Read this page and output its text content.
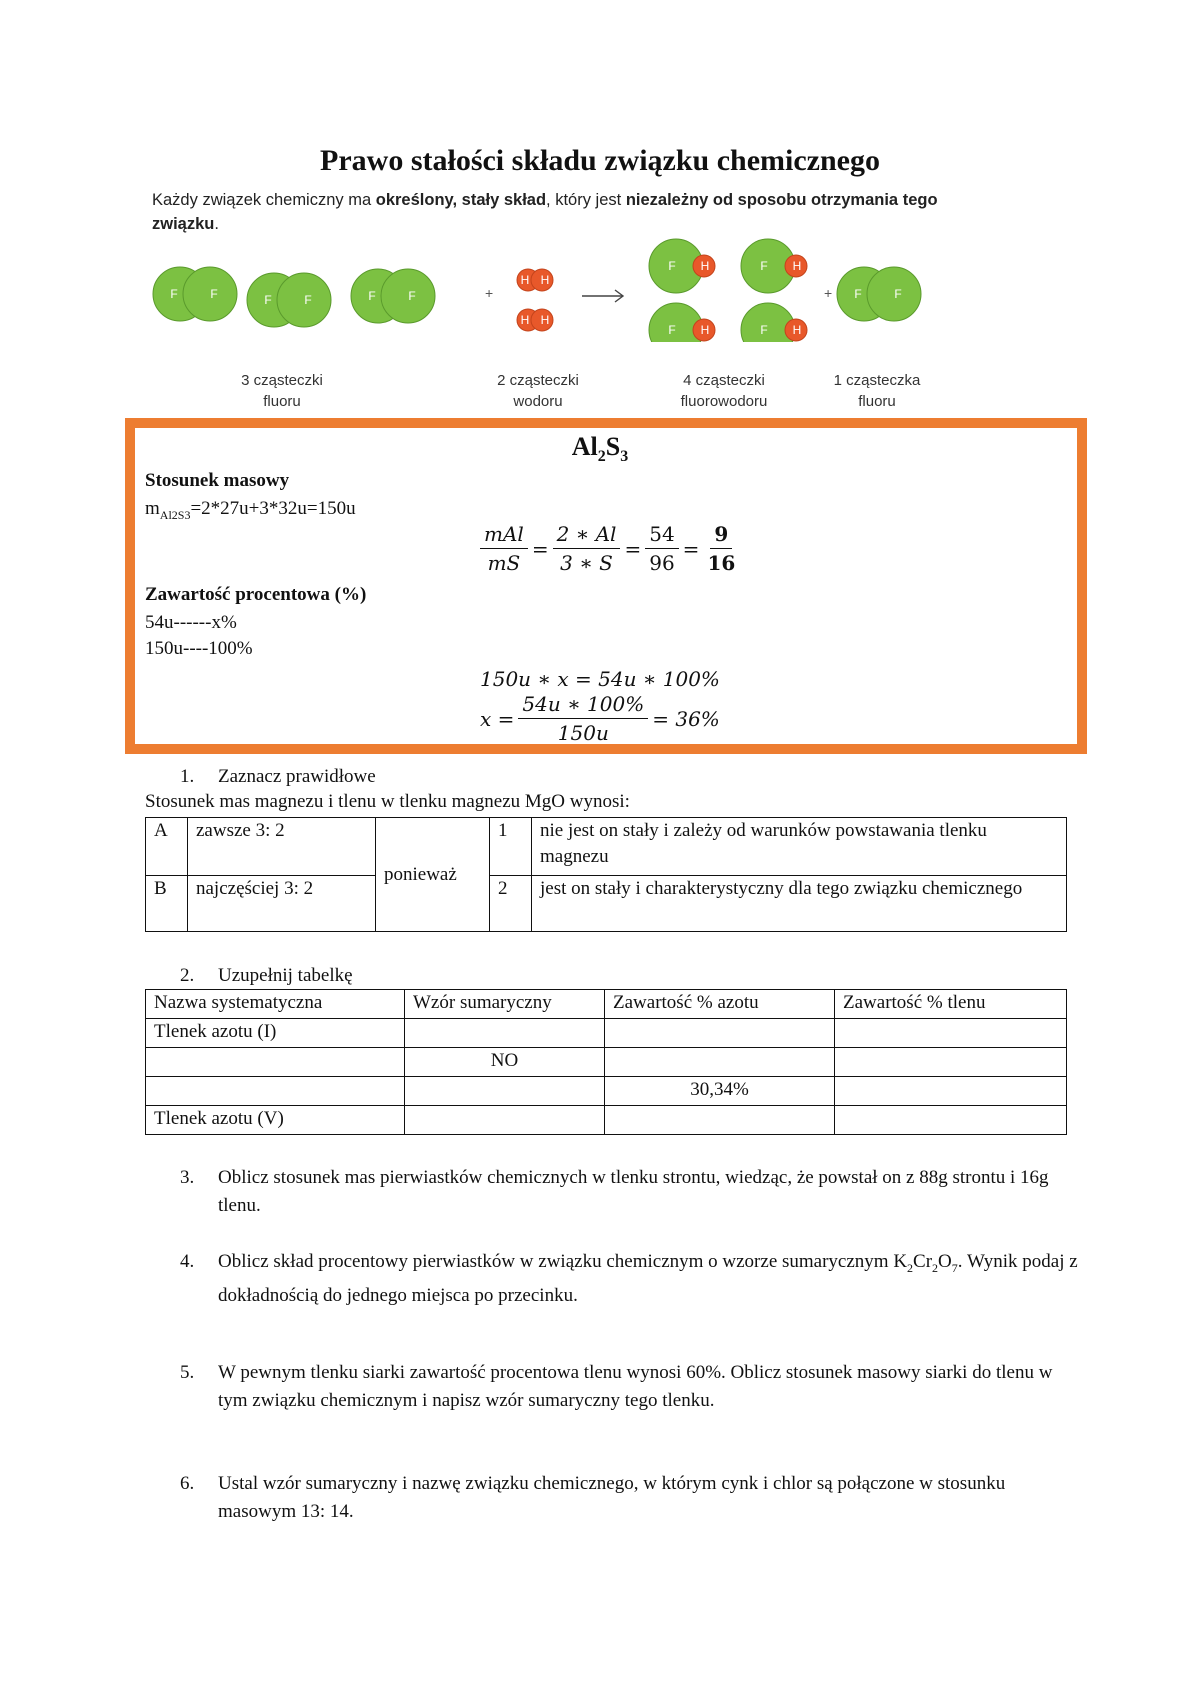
Prawo stałości składu związku chemicznego
Każdy związek chemiczny ma określony, stały skład, który jest niezależny od sposobu otrzymania tego związku.
F	F	F	F	F	F	+
H H
H H
F H	F H
F H	F H
+ F	F
3 cząsteczki
fluoru
2 cząsteczki
wodoru
4 cząsteczki
fluorowodoru
1 cząsteczka
fluoru
$Al_2S_3$
Stosunek masowy
$m_{Al2S3}=2*27u+3*32u=150u$
$\frac{\text{mAl}}{mS} = \frac{2 ∗ Al}{3 ∗ S} = \frac{54}{96} = \frac{9}{16}$
Zawartość procentowa (%)
54u------x%
150u----100%
150u ∗ x = 54u ∗ 100%
$x = \frac{54u ∗ 100\%}{150u} = 36\%$
1.	Zaznacz prawidłowe
Stosunek mas magnezu i tlenu w tlenku magnezu MgO wynosi:
A	zawsze 3: 2	ponieważ	1	nie jest on stały i zależy od warunków powstawania tlenku magnezu
B	najczęściej 3: 2		2	jest on stały i charakterystyczny dla tego związku chemicznego
2.	Uzupełnij tabelkę
Nazwa systematyczna	Wzór sumaryczny	Zawartość % azotu	Zawartość % tlenu
Tlenek azotu (I)			
	NO		
		30,34%	
Tlenek azotu (V)			
3.	Oblicz stosunek mas pierwiastków chemicznych w tlenku strontu, wiedząc, że powstał on z 88g strontu i 16g tlenu.
4.	Oblicz skład procentowy pierwiastków w związku chemicznym o wzorze sumarycznym $K_2Cr_2O_7$. Wynik podaj z dokładnością do jednego miejsca po przecinku.
5.	W pewnym tlenku siarki zawartość procentowa tlenu wynosi 60%. Oblicz stosunek masowy siarki do tlenu w tym związku chemicznym i napisz wzór sumaryczny tego tlenku.
6.	Ustal wzór sumaryczny i nazwę związku chemicznego, w którym cynk i chlor są połączone w stosunku masowym 13: 14.
